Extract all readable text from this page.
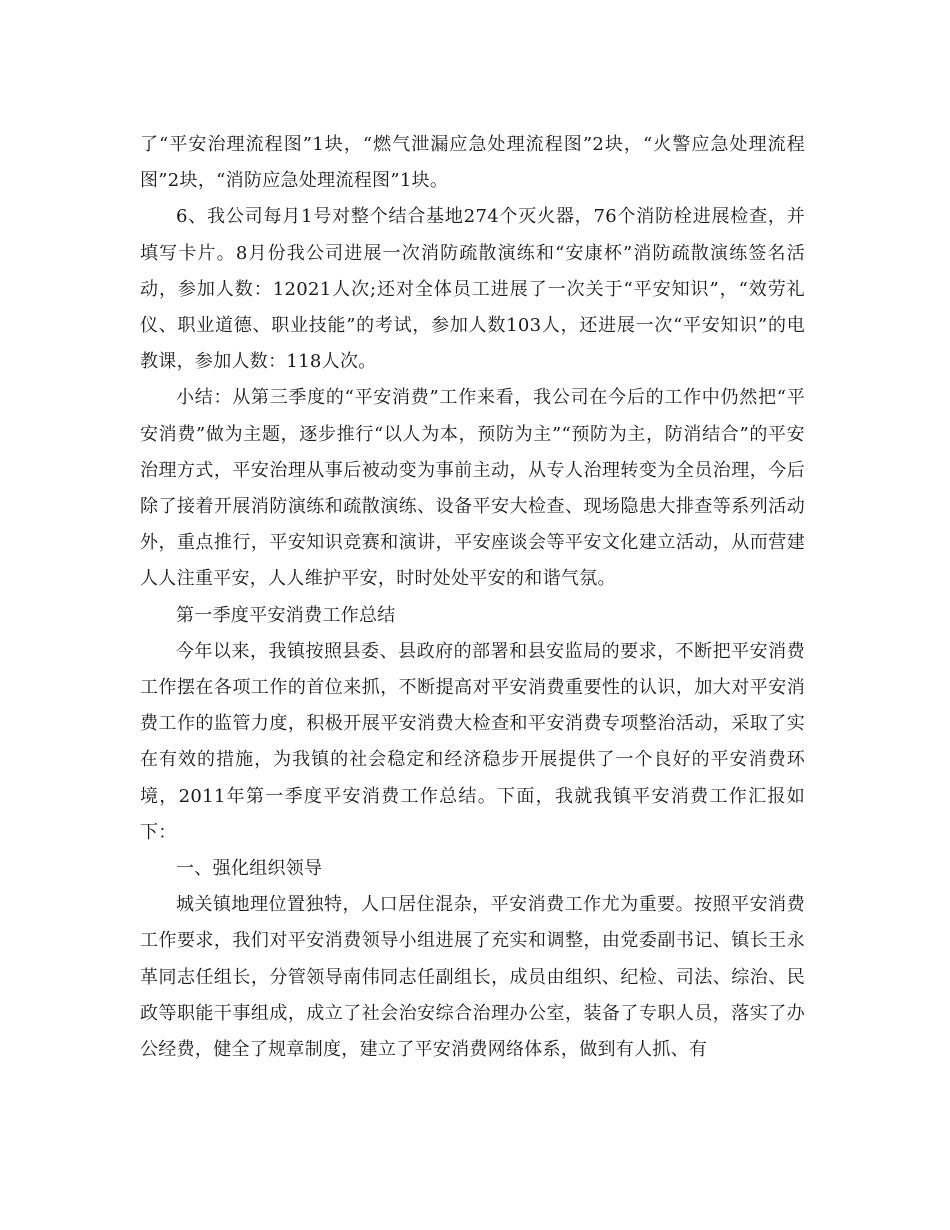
了“平安治理流程图”1块，“燃气泄漏应急处理流程图”2块，“火警应急处理流程图”2块，“消防应急处理流程图”1块。

6、我公司每月1号对整个结合基地274个灭火器，76个消防栓进展检查，并填写卡片。8月份我公司进展一次消防疏散演练和“安康杯”消防疏散演练签名活动，参加人数：12021人次;还对全体员工进展了一次关于“平安知识”，“效劳礼仪、职业道德、职业技能”的考试，参加人数103人，还进展一次“平安知识”的电教课，参加人数：118人次。

小结：从第三季度的“平安消费”工作来看，我公司在今后的工作中仍然把“平安消费”做为主题，逐步推行“以人为本，预防为主”“预防为主，防消结合”的平安治理方式，平安治理从事后被动变为事前主动，从专人治理转变为全员治理，今后除了接着开展消防演练和疏散演练、设备平安大检查、现场隐患大排查等系列活动外，重点推行，平安知识竞赛和演讲，平安座谈会等平安文化建立活动，从而营建人人注重平安，人人维护平安，时时处处平安的和谐气氛。

第一季度平安消费工作总结

今年以来，我镇按照县委、县政府的部署和县安监局的要求，不断把平安消费工作摆在各项工作的首位来抓，不断提高对平安消费重要性的认识，加大对平安消费工作的监管力度，积极开展平安消费大检查和平安消费专项整治活动，采取了实在有效的措施，为我镇的社会稳定和经济稳步开展提供了一个良好的平安消费环境，2011年第一季度平安消费工作总结。下面，我就我镇平安消费工作汇报如下：

一、强化组织领导

城关镇地理位置独特，人口居住混杂，平安消费工作尤为重要。按照平安消费工作要求，我们对平安消费领导小组进展了充实和调整，由党委副书记、镇长王永革同志任组长，分管领导南伟同志任副组长，成员由组织、纪检、司法、综治、民政等职能干事组成，成立了社会治安综合治理办公室，装备了专职人员，落实了办公经费，健全了规章制度，建立了平安消费网络体系，做到有人抓、有
